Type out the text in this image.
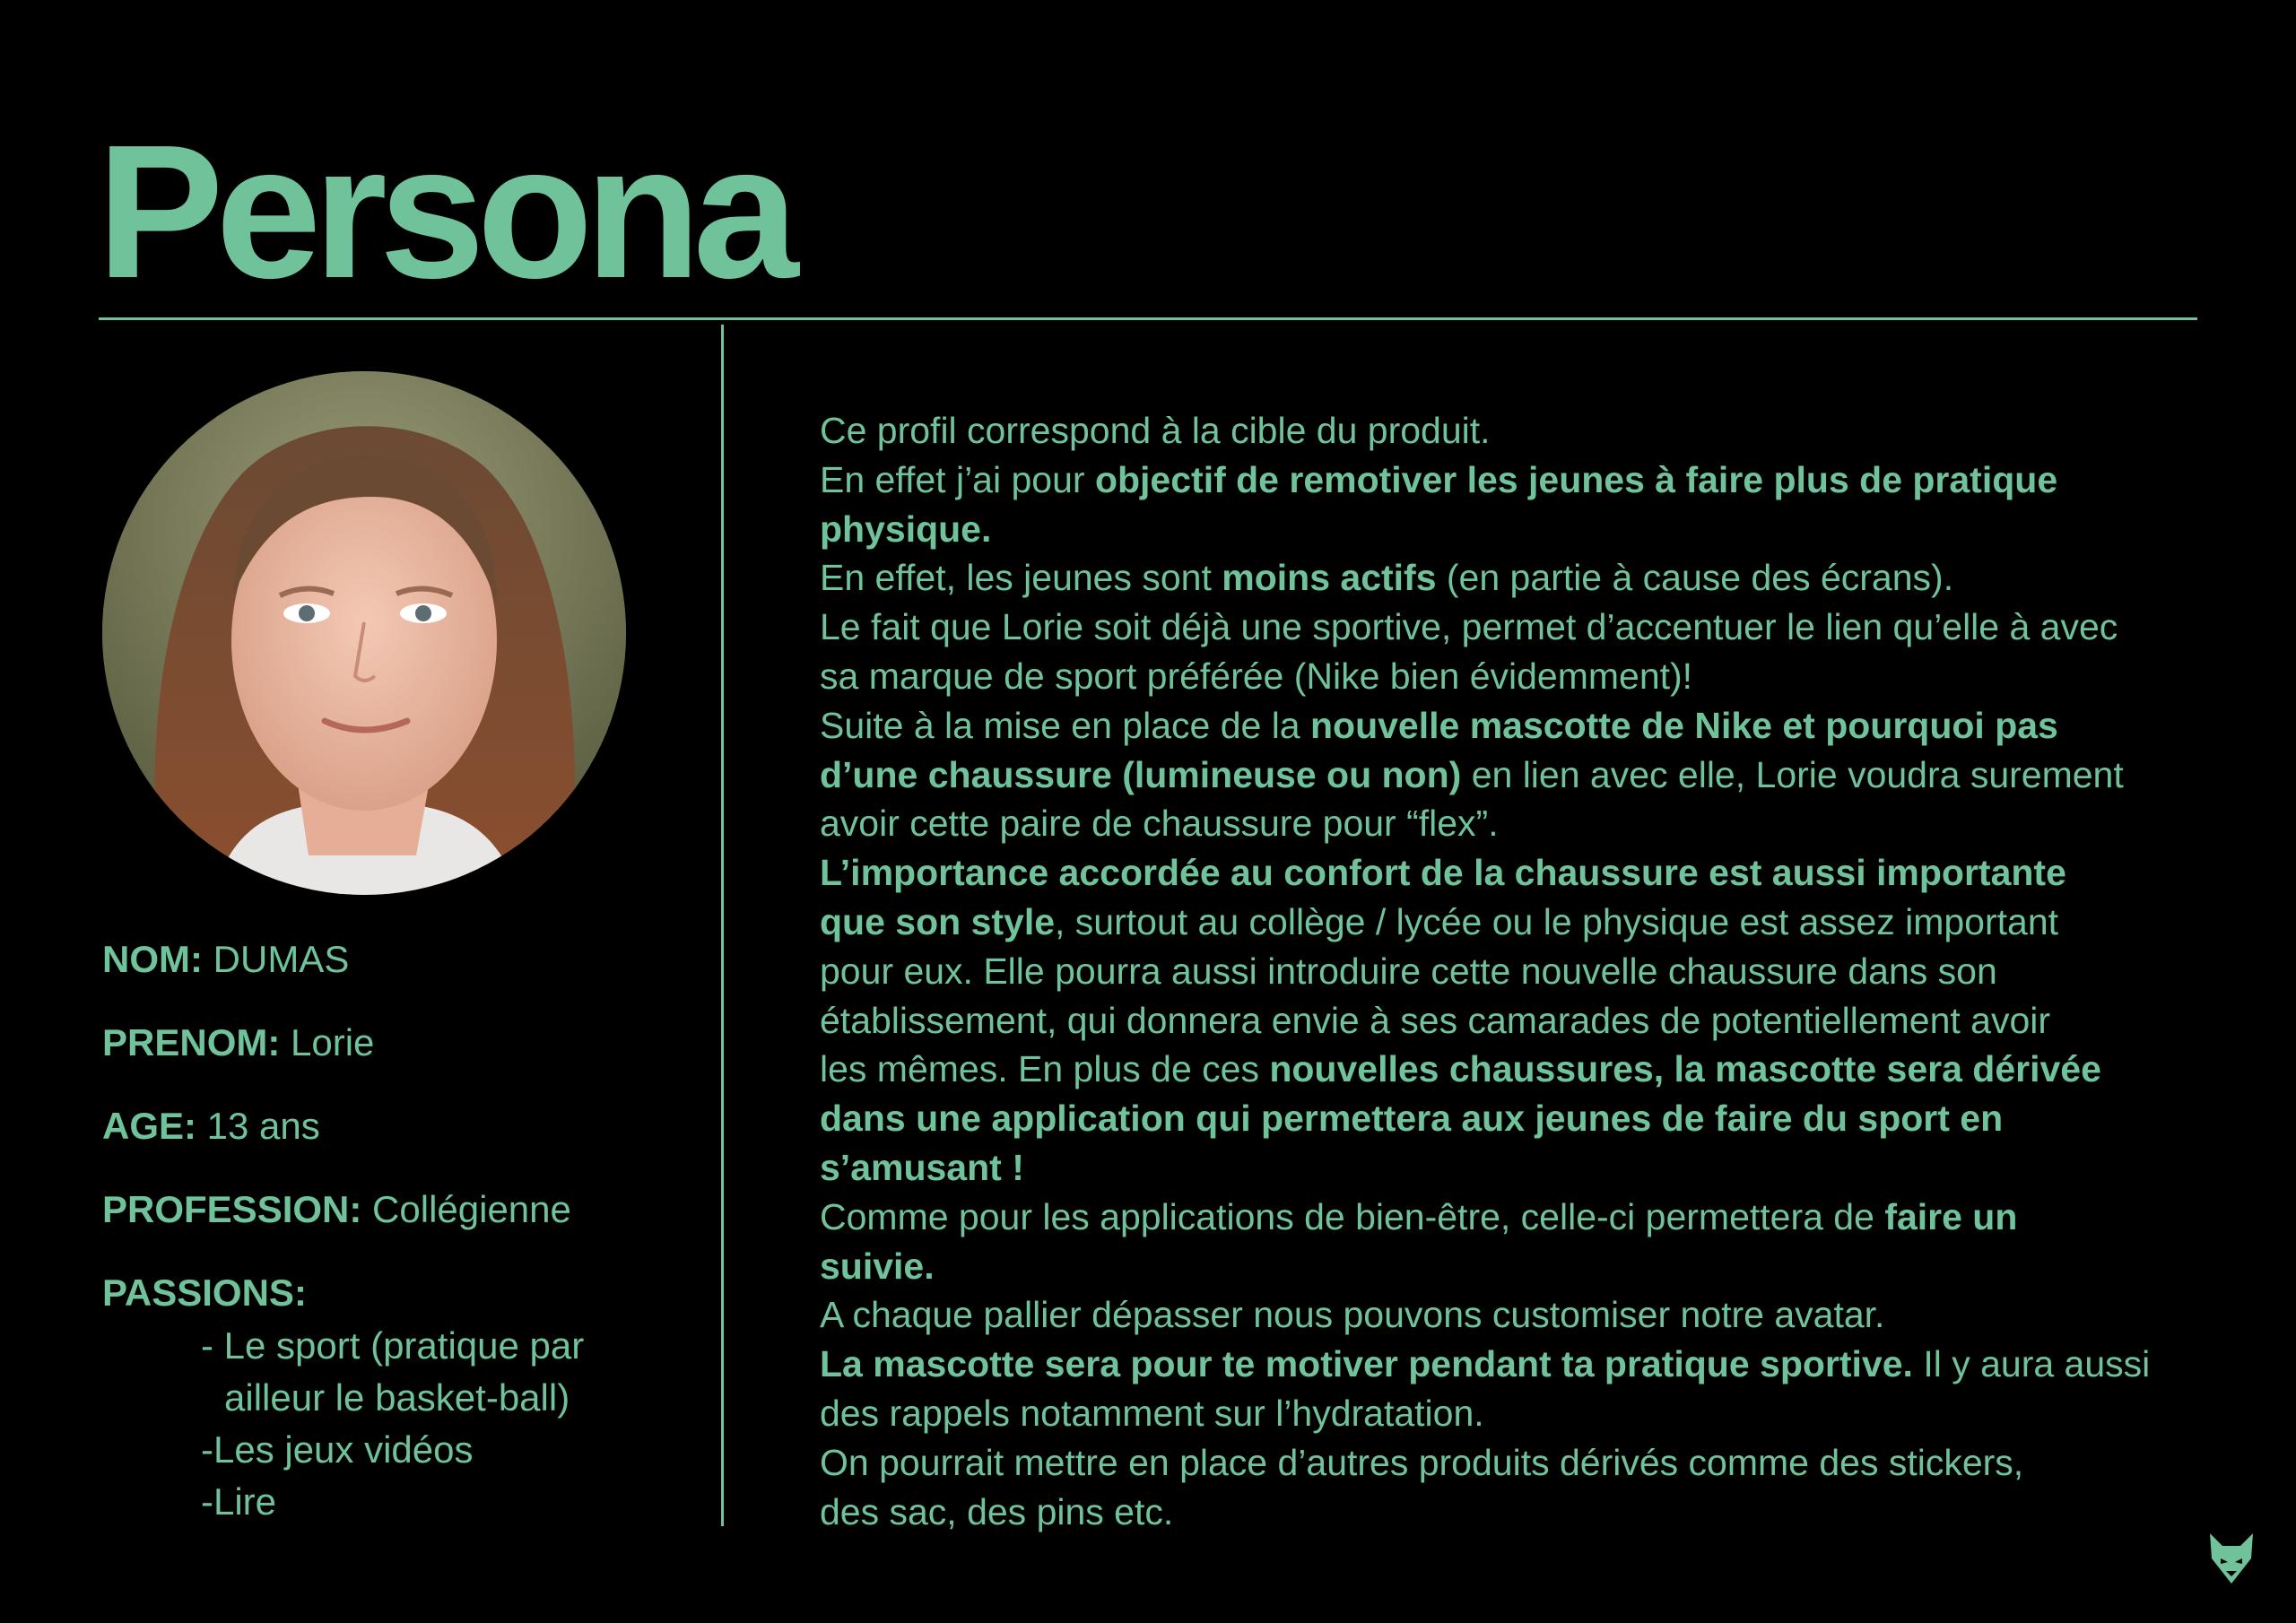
Persona
NOM: DUMAS
PRENOM: Lorie
AGE: 13 ans
PROFESSION: Collégienne
PASSIONS:
- Le sport (pratique par
ailleur le basket-ball)
-Les jeux vidéos
-Lire
Ce profil correspond à la cible du produit.
En effet j’ai pour objectif de remotiver les jeunes à faire plus de pratique
physique.
En effet, les jeunes sont moins actifs (en partie à cause des écrans).
Le fait que Lorie soit déjà une sportive, permet d’accentuer le lien qu’elle à avec
sa marque de sport préférée (Nike bien évidemment)!
Suite à la mise en place de la nouvelle mascotte de Nike et pourquoi pas
d’une chaussure (lumineuse ou non) en lien avec elle, Lorie voudra surement
avoir cette paire de chaussure pour “flex”.
L’importance accordée au confort de la chaussure est aussi importante
que son style, surtout au collège / lycée ou le physique est assez important
pour eux. Elle pourra aussi introduire cette nouvelle chaussure dans son
établissement, qui donnera envie à ses camarades de potentiellement avoir
les mêmes. En plus de ces nouvelles chaussures, la mascotte sera dérivée
dans une application qui permettera aux jeunes de faire du sport en
s’amusant !
Comme pour les applications de bien-être, celle-ci permettera de faire un
suivie.
A chaque pallier dépasser nous pouvons customiser notre avatar.
La mascotte sera pour te motiver pendant ta pratique sportive. Il y aura aussi
des rappels notamment sur l’hydratation.
On pourrait mettre en place d’autres produits dérivés comme des stickers,
des sac, des pins etc.
